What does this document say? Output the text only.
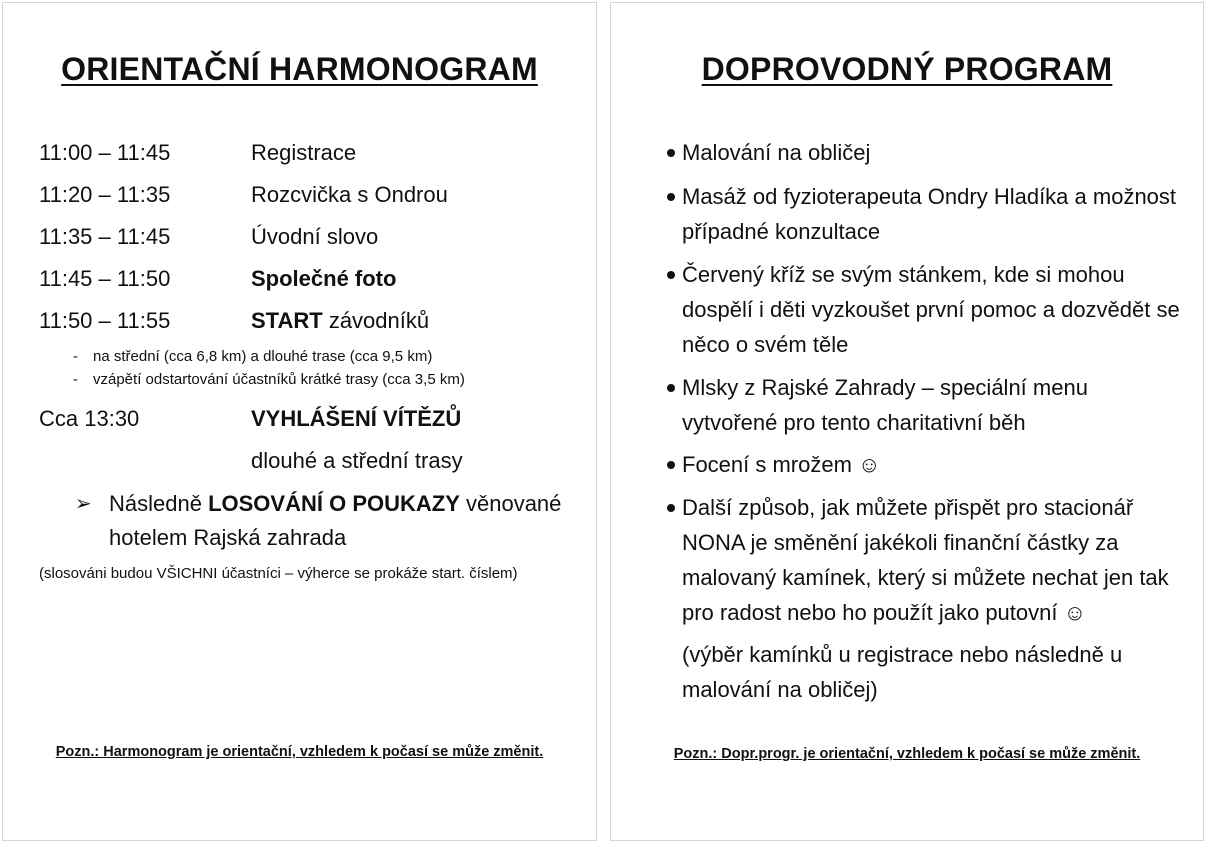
ORIENTAČNÍ HARMONOGRAM
11:00 – 11:45	Registrace
11:20 – 11:35	Rozcvička s Ondrou
11:35 – 11:45	Úvodní slovo
11:45 – 11:50	Společné foto
11:50 – 11:55	START závodníků
- na střední (cca 6,8 km) a dlouhé trase (cca 9,5 km)
- vzápětí odstartování účastníků krátké trasy (cca 3,5 km)
Cca 13:30	VYHLÁŠENÍ VÍTĚZŮ
dlouhé a střední trasy
➢ Následně LOSOVÁNÍ O POUKAZY věnované hotelem Rajská zahrada
(slosováni budou VŠICHNI účastníci – výherce se prokáže start. číslem)
Pozn.: Harmonogram je orientační, vzhledem k počasí se může změnit.
DOPROVODNÝ PROGRAM
Malování na obličej
Masáž od fyzioterapeuta Ondry Hladíka a možnost případné konzultace
Červený kříž se svým stánkem, kde si mohou dospělí i děti vyzkoušet první pomoc a dozvědět se něco o svém těle
Mlsky z Rajské Zahrady – speciální menu vytvořené pro tento charitativní běh
Focení s mrožem ☺
Další způsob, jak můžete přispět pro stacionář NONA je směnění jakékoli finanční částky za malovaný kamínek, který si můžete nechat jen tak pro radost nebo ho použít jako putovní ☺
(výběr kamínků u registrace nebo následně u malování na obličej)
Pozn.: Dopr.progr. je orientační, vzhledem k počasí se může změnit.
